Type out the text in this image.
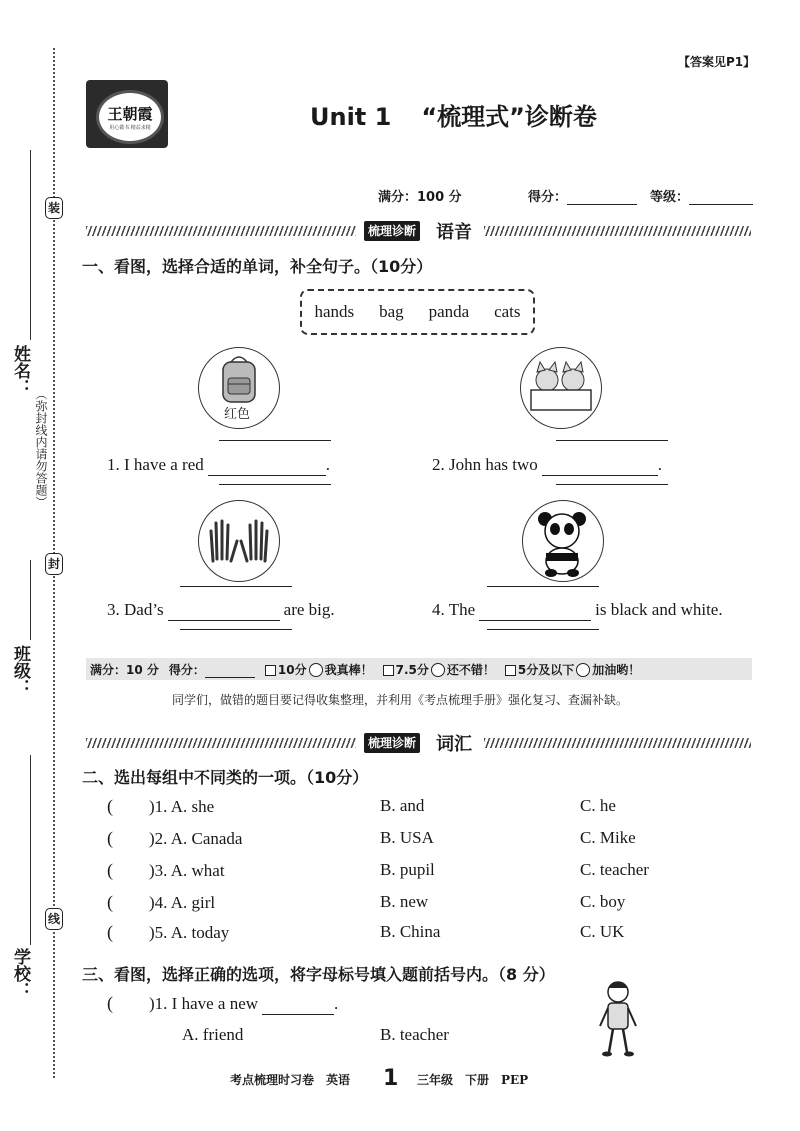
装
封
线
姓名：
（弥封线内请勿答题）
班级：
学校：
【答案见P1】
王朝霞
用心做书 精益求精	Unit 1 “梳理式”诊断卷
满分：100 分	得分：	等级：
梳理诊断 语音
一、看图，选择合适的单词，补全句子。（10分）
hands bag panda cats
红色
1. I have a red	.	2. John has two	.
3. Dad’s	are big.	4. The	is black and white.
满分：10 分 得分：	10分 我真棒！	7.5分 还不错！	5分及以下 加油哟！
同学们，做错的题目要记得收集整理，并利用《考点梳理手册》强化复习、查漏补缺。
梳理诊断 词汇
二、选出每组中不同类的一项。（10分）
( )1. A. she	B. and	C. he
( )2. A. Canada	B. USA	C. Mike
( )3. A. what	B. pupil	C. teacher
( )4. A. girl	B. new	C. boy
( )5. A. today	B. China	C. UK
三、看图，选择正确的选项，将字母标号填入题前括号内。（8 分）
( )1. I have a new	.
A. friend	B. teacher
考点梳理时习卷　英语 1 三年级　下册　PEP
